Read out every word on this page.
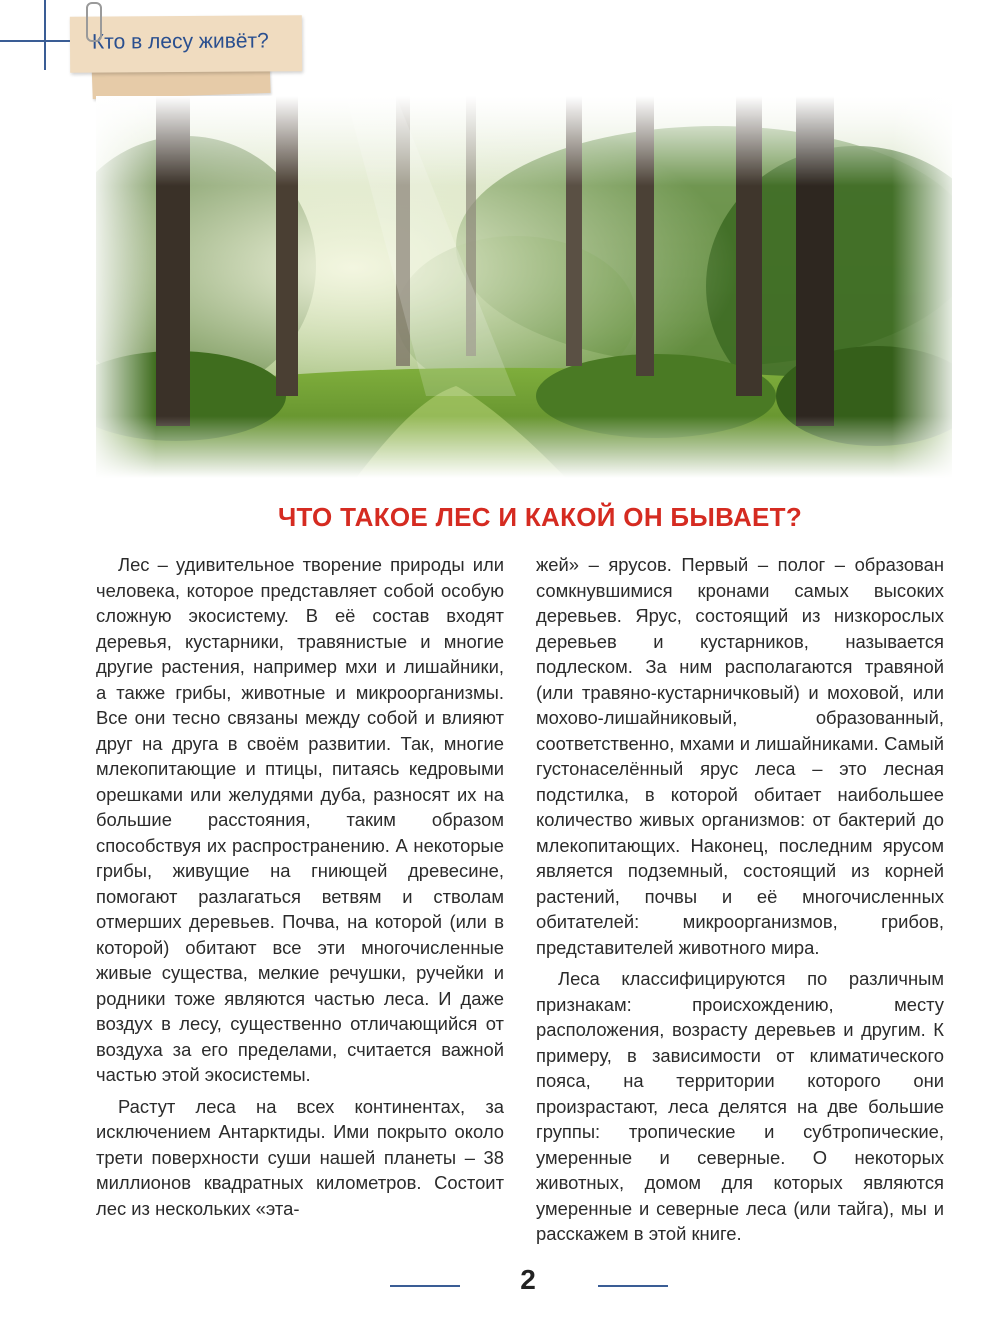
Кто в лесу живёт?
ЧТО ТАКОЕ ЛЕС И КАКОЙ ОН БЫВАЕТ?

Лес – удивительное творение природы или человека, которое представляет собой особую сложную экосистему. В её состав входят деревья, кустарники, травянистые и многие другие растения, например мхи и лишайники, а также грибы, животные и микроорганизмы. Все они тесно связаны между собой и влияют друг на друга в своём развитии. Так, многие млекопитающие и птицы, питаясь кедровыми орешками или желудями дуба, разносят их на большие расстояния, таким образом способствуя их распространению. А некоторые грибы, живущие на гниющей древесине, помогают разлагаться ветвям и стволам отмерших деревьев. Почва, на которой (или в которой) обитают все эти многочисленные живые существа, мелкие речушки, ручейки и родники тоже являются частью леса. И даже воздух в лесу, существенно отличающийся от воздуха за его пределами, считается важной частью этой экосистемы.

Растут леса на всех континентах, за исключением Антарктиды. Ими покрыто около трети поверхности суши нашей планеты – 38 миллионов квадратных километров. Состоит лес из нескольких «эта-

жей» – ярусов. Первый – полог – образован сомкнувшимися кронами самых высоких деревьев. Ярус, состоящий из низкорослых деревьев и кустарников, называется подлеском. За ним располагаются травяной (или травяно-кустарничковый) и моховой, или мохово-лишайниковый, образованный, соответственно, мхами и лишайниками. Самый густонаселённый ярус леса – это лесная подстилка, в которой обитает наибольшее количество живых организмов: от бактерий до млекопитающих. Наконец, последним ярусом является подземный, состоящий из корней растений, почвы и её многочисленных обитателей: микроорганизмов, грибов, представителей животного мира.

Леса классифицируются по различным признакам: происхождению, месту расположения, возрасту деревьев и другим. К примеру, в зависимости от климатического пояса, на территории которого они произрастают, леса делятся на две большие группы: тропические и субтропические, умеренные и северные. О некоторых животных, домом для которых являются умеренные и северные леса (или тайга), мы и расскажем в этой книге.

2
